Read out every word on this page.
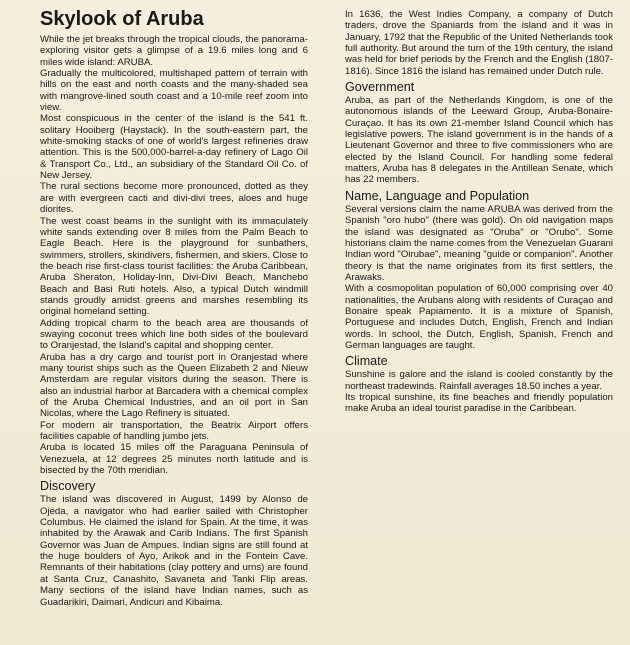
Skylook of Aruba

While the jet breaks through the tropical clouds, the panorama-exploring visitor gets a glimpse of a 19.6 miles long and 6 miles wide island: ARUBA.

Gradually the multicolored, multishaped pattern of terrain with hills on the east and north coasts and the many-shaded sea with mangrove-lined south coast and a 10-mile reef zoom into view.

Most conspicuous in the center of the island is the 541 ft. solitary Hooiberg (Haystack). In the south-eastern part, the white-smoking stacks of one of world's largest refineries draw attention. This is the 500,000-barrel-a-day refinery of Lago Oil & Transport Co., Ltd., an subsidiary of the Standard Oil Co. of New Jersey.

The rural sections become more pronounced, dotted as they are with evergreen cacti and divi-divi trees, aloes and huge diorites.

The west coast beams in the sunlight with its immaculately white sands extending over 8 miles from the Palm Beach to Eagle Beach. Here is the playground for sunbathers, swimmers, strollers, skindivers, fishermen, and skiers. Close to the beach rise first-class tourist facilities: the Aruba Caribbean, Aruba Sheraton, Holiday-Inn, Divi-Divi Beach, Manchebo Beach and Basi Ruti hotels. Also, a typical Dutch windmill stands groudly amidst greens and marshes resembling its original homeland setting.

Adding tropical charm to the beach area are thousands of swaying coconut trees which line both sides of the boulevard to Oranjestad, the Island's capital and shopping center.

Aruba has a dry cargo and tourist port in Oranjestad where many tourist ships such as the Queen Elizabeth 2 and Nieuw Amsterdam are regular visitors during the season. There is also an industrial harbor at Barcadera with a chemical complex of the Aruba Chemical Industries, and an oil port in San Nicolas, where the Lago Refinery is situated.

For modern air transportation, the Beatrix Airport offers facilities capable of handling jumbo jets.

Aruba is located 15 miles off the Paraguana Peninsula of Venezuela, at 12 degrees 25 minutes north latitude and is bisected by the 70th meridian.

Discovery

The island was discovered in August, 1499 by Alonso de Ojeda, a navigator who had earlier sailed with Christopher Columbus. He claimed the island for Spain. At the time, it was inhabited by the Arawak and Carib Indians. The first Spanish Governor was Juan de Ampues. Indian signs are still found at the huge boulders of Ayo, Arikok and in the Fontein Cave. Remnants of their habitations (clay pottery and urns) are found at Santa Cruz, Canashito, Savaneta and Tanki Flip areas. Many sections of the island have Indian names, such as Guadarikiri, Daimari, Andicuri and Kibaima.

In 1636, the West Indies Company, a company of Dutch traders, drove the Spaniards from the island and it was in January, 1792 that the Republic of the United Netherlands took full authority. But around the turn of the 19th century, the island was held for brief periods by the French and the English (1807-1816). Since 1816 the island has remained under Dutch rule.

Government

Aruba, as part of the Netherlands Kingdom, is one of the autonomous islands of the Leeward Group, Aruba-Bonaire-Curaçao. It has its own 21-member Island Council which has legislative powers. The island government is in the hands of a Lieutenant Governor and three to five commissioners who are elected by the Island Council. For handling some federal matters, Aruba has 8 delegates in the Antillean Senate, which has 22 members.

Name, Language and Population

Several versions claim the name ARUBA was derived from the Spanish "oro hubo" (there was gold). On old navigation maps the island was designated as "Oruba" or "Orubo". Some historians claim the name comes from the Venezuelan Guarani Indian word "Oirubae", meaning "guide or companion". Another theory is that the name originates from its first settlers, the Arawaks.

With a cosmopolitan population of 60,000 comprising over 40 nationalities, the Arubans along with residents of Curaçao and Bonaire speak Papiamento. It is a mixture of Spanish, Portuguese and includes Dutch, English, French and Indian words. In school, the Dutch, English, Spanish, French and German languages are taught.

Climate

Sunshine is galore and the island is cooled constantly by the northeast tradewinds. Rainfall averages 18.50 inches a year.

Its tropical sunshine, its fine beaches and friendly population make Aruba an ideal tourist paradise in the Caribbean.
